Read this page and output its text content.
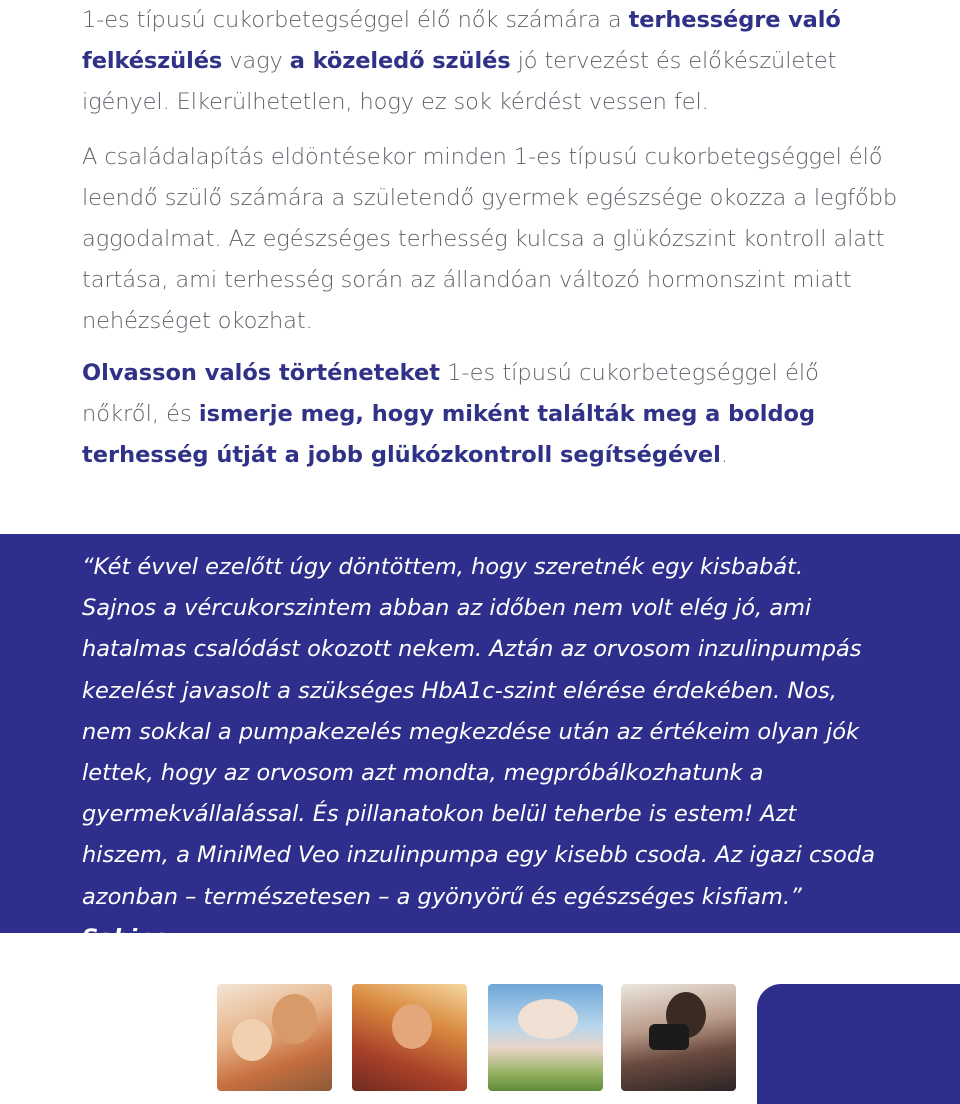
1-es típusú cukorbetegséggel élő nők számára a terhességre való felkészülés vagy a közeledő szülés jó tervezést és előkészületet igényel. Elkerülhetetlen, hogy ez sok kérdést vessen fel.

A családalapítás eldöntésekor minden 1-es típusú cukorbetegséggel élő leendő szülő számára a születendő gyermek egészsége okozza a legfőbb aggodalmat. Az egészséges terhesség kulcsa a glükózszint kontroll alatt tartása, ami terhesség során az állandóan változó hormonszint miatt nehézséget okozhat.

Olvasson valós történeteket 1-es típusú cukorbetegséggel élő nőkről, és ismerje meg, hogy miként találták meg a boldog terhesség útját a jobb glükózkontroll segítségével.

“Két évvel ezelőtt úgy döntöttem, hogy szeretnék egy kisbabát. Sajnos a vércukorszintem abban az időben nem volt elég jó, ami hatalmas csalódást okozott nekem. Aztán az orvosom inzulinpumpás kezelést javasolt a szükséges HbA1c-szint elérése érdekében. Nos, nem sokkal a pumpakezelés megkezdése után az értékeim olyan jók lettek, hogy az orvosom azt mondta, megpróbálkozhatunk a gyermekvállalással. És pillanatokon belül teherbe is estem! Azt hiszem, a MiniMed Veo inzulinpumpa egy kisebb csoda. Az igazi csoda azonban – természetesen – a gyönyörű és egészséges kisfiam.” Sabine
